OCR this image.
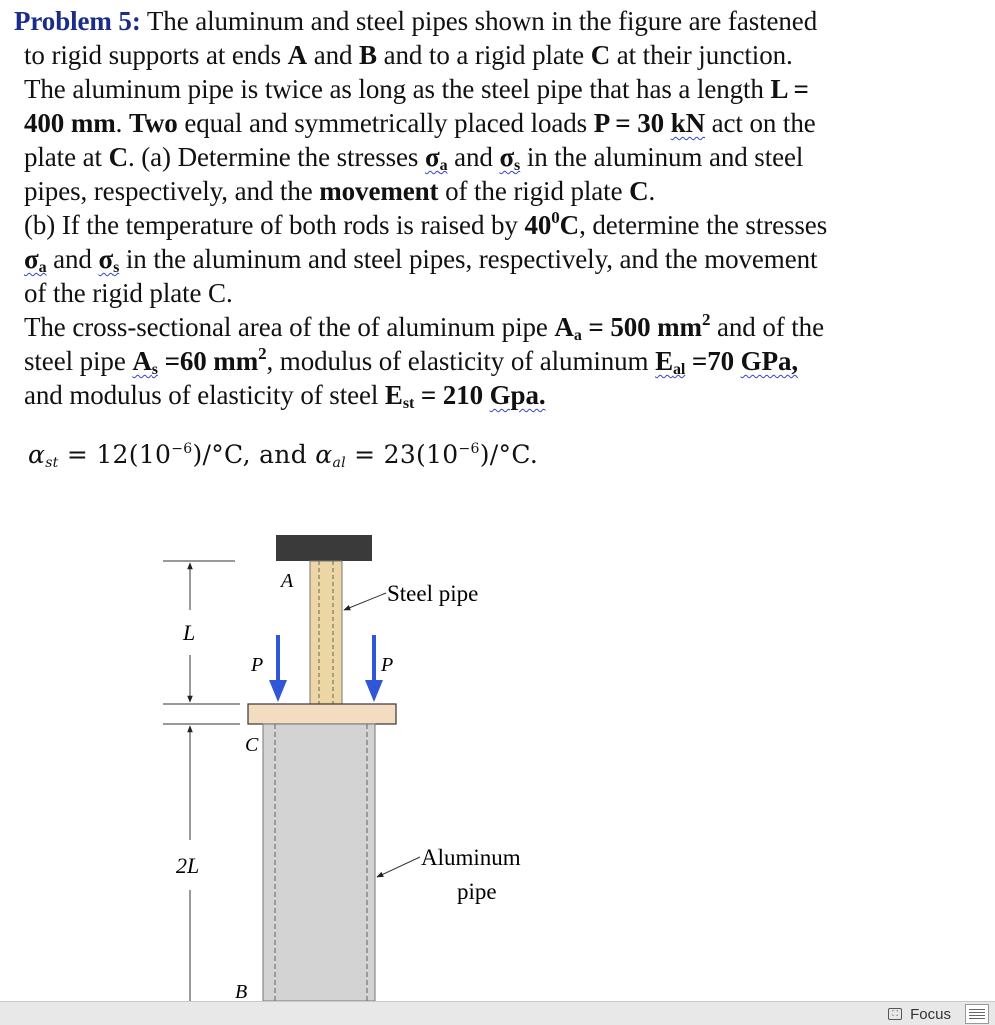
Problem 5: The aluminum and steel pipes shown in the figure are fastened
to rigid supports at ends A and B and to a rigid plate C at their junction.
The aluminum pipe is twice as long as the steel pipe that has a length L =
400 mm. Two equal and symmetrically placed loads P = 30 kN act on the
plate at C. (a) Determine the stresses $\sigma_a$ and $\sigma_s$ in the aluminum and steel
pipes, respectively, and the movement of the rigid plate C.
(b) If the temperature of both rods is raised by $40^0C$, determine the stresses
$\sigma_a$ and $\sigma_s$ in the aluminum and steel pipes, respectively, and the movement
of the rigid plate C.
The cross-sectional area of the of aluminum pipe $A_a = 500$ $mm^2$ and of the
steel pipe $A_s =60$ $mm^2$, modulus of elasticity of aluminum $E_{al} =70$ GPa,
and modulus of elasticity of steel $E_{st} = 210$ Gpa.
$\alpha_{st} = 12(10^{-6})/^\circ C$, and $\alpha_{al} = 23(10^{-6})/^\circ C$.
A
P	P
C
L
2L
B
Steel pipe
Aluminum
pipe
⛶ Focus
